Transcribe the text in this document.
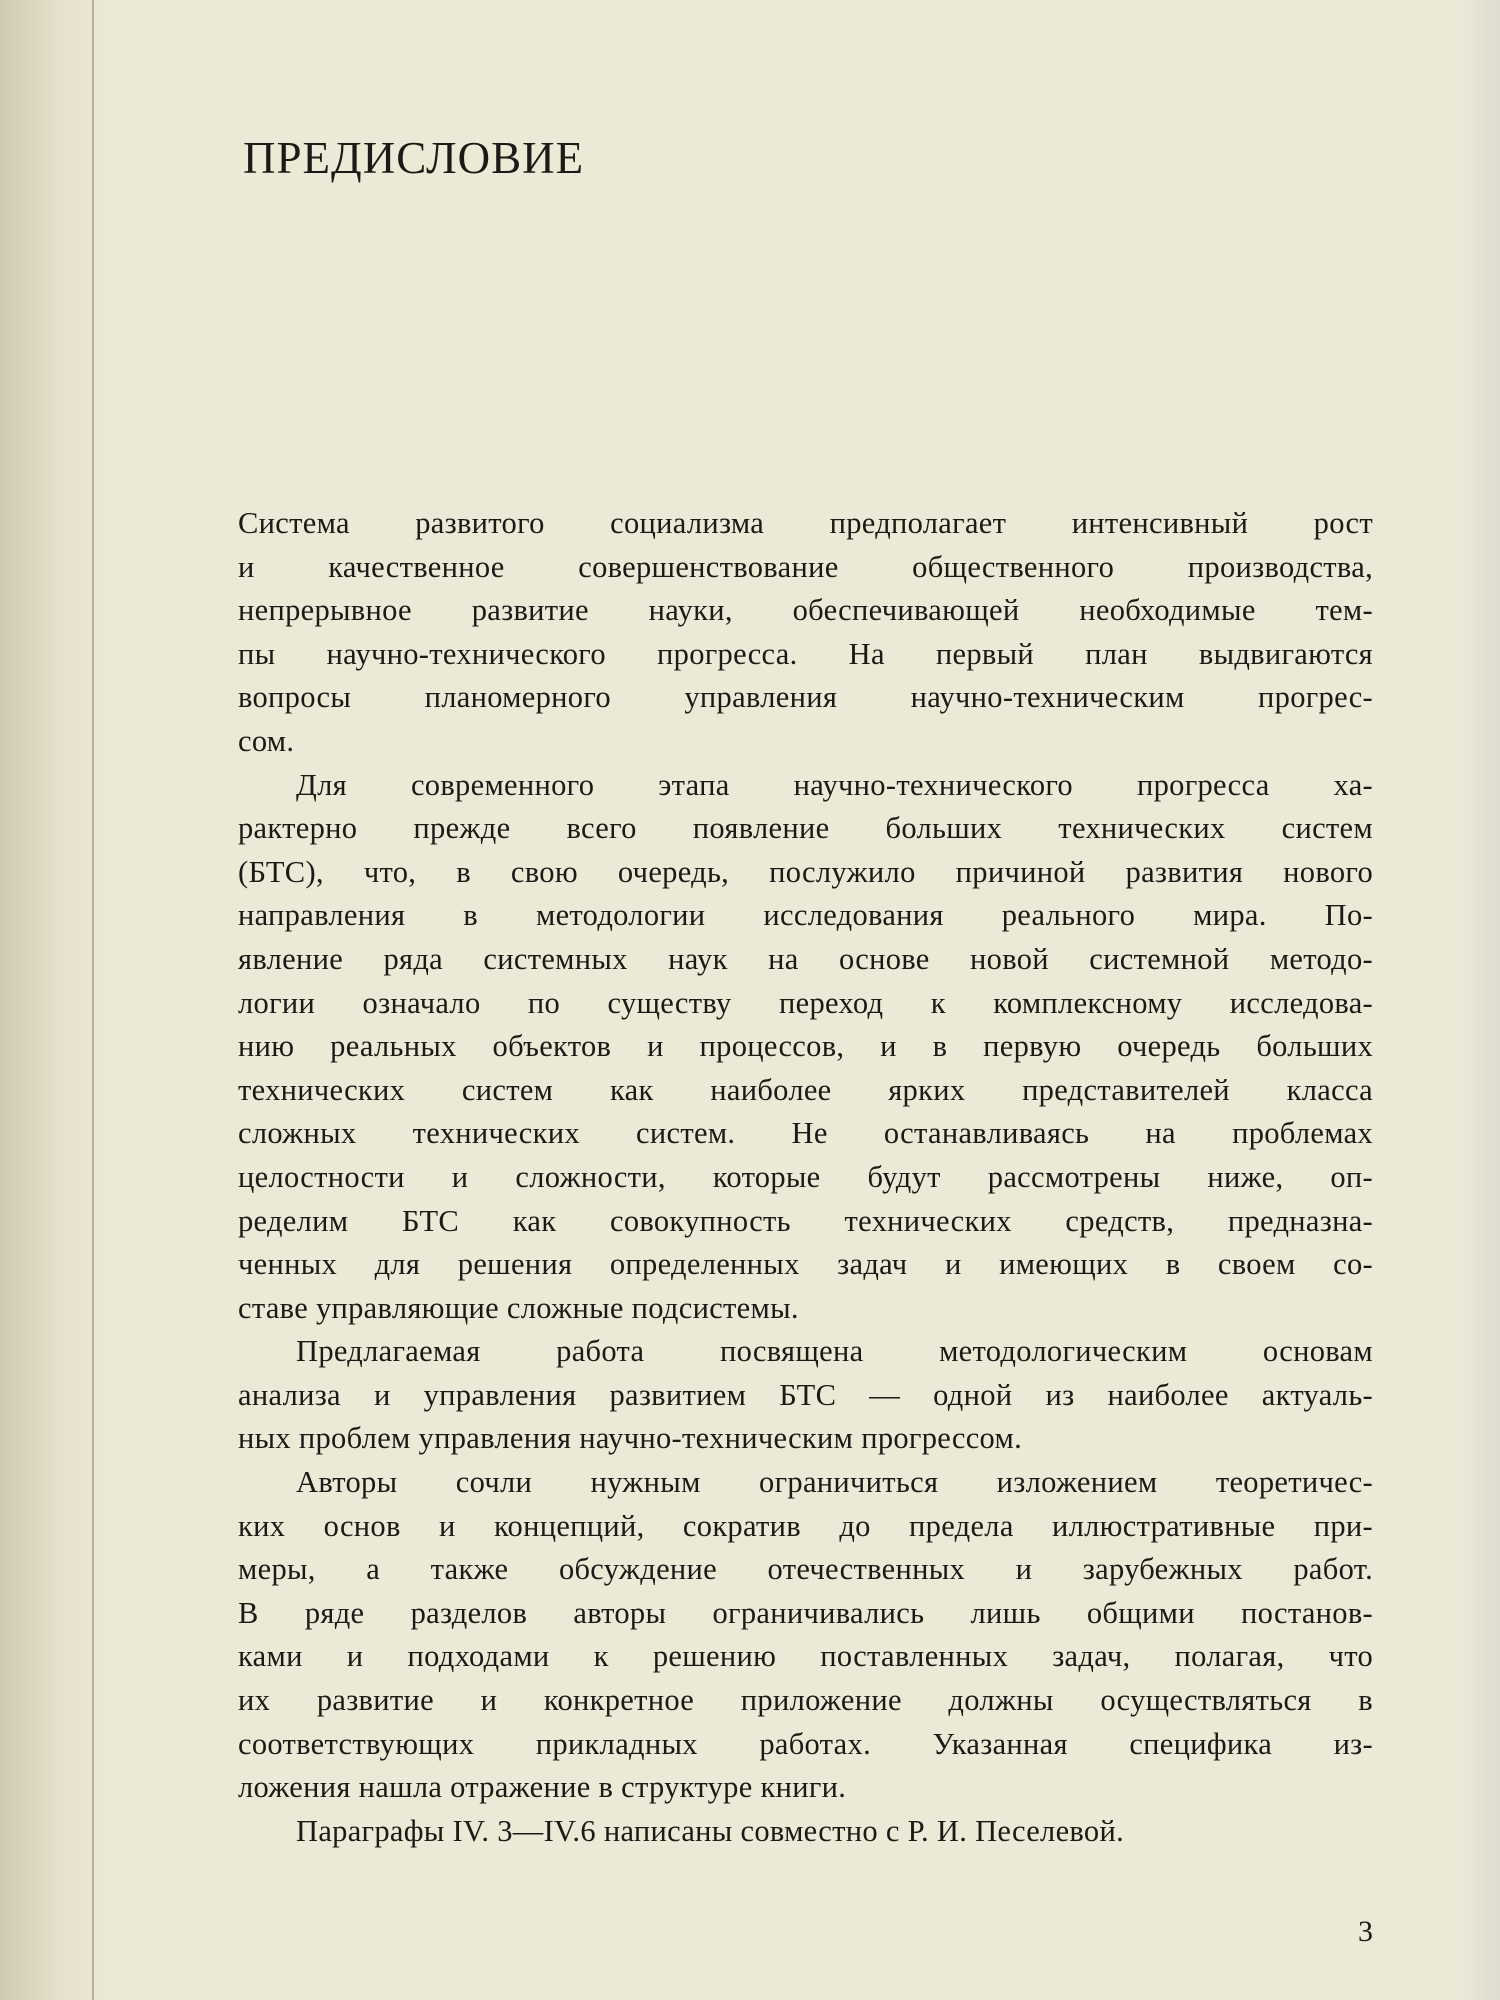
ПРЕДИСЛОВИЕ
Система развитого социализма предполагает интенсивный рост
и качественное совершенствование общественного производства,
непрерывное развитие науки, обеспечивающей необходимые тем-
пы научно-технического прогресса. На первый план выдвигаются
вопросы планомерного управления научно-техническим прогрес-
сом.
Для современного этапа научно-технического прогресса ха-
рактерно прежде всего появление больших технических систем
(БТС), что, в свою очередь, послужило причиной развития нового
направления в методологии исследования реального мира. По-
явление ряда системных наук на основе новой системной методо-
логии означало по существу переход к комплексному исследова-
нию реальных объектов и процессов, и в первую очередь больших
технических систем как наиболее ярких представителей класса
сложных технических систем. Не останавливаясь на проблемах
целостности и сложности, которые будут рассмотрены ниже, оп-
ределим БТС как совокупность технических средств, предназна-
ченных для решения определенных задач и имеющих в своем со-
ставе управляющие сложные подсистемы.
Предлагаемая работа посвящена методологическим основам
анализа и управления развитием БТС — одной из наиболее актуаль-
ных проблем управления научно-техническим прогрессом.
Авторы сочли нужным ограничиться изложением теоретичес-
ких основ и концепций, сократив до предела иллюстративные при-
меры, а также обсуждение отечественных и зарубежных работ.
В ряде разделов авторы ограничивались лишь общими постанов-
ками и подходами к решению поставленных задач, полагая, что
их развитие и конкретное приложение должны осуществляться в
соответствующих прикладных работах. Указанная специфика из-
ложения нашла отражение в структуре книги.
Параграфы IV. 3—IV.6 написаны совместно с Р. И. Песелевой.
3
